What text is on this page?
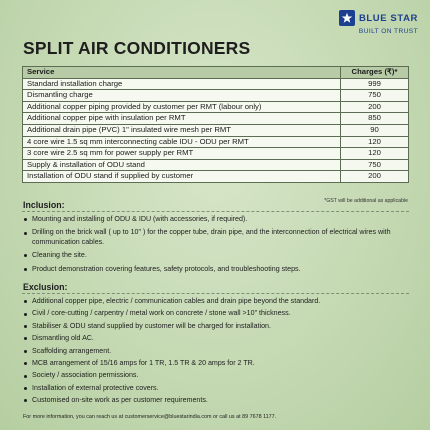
BLUE STAR
BUILT ON TRUST
SPLIT AIR CONDITIONERS
Service	Charges (₹)*
Standard installation charge	999
Dismantling charge	750
Additional copper piping provided by customer per RMT (labour only)	200
Additional copper pipe with insulation per RMT	850
Additional drain pipe (PVC) 1" insulated wire mesh per RMT	90
4 core wire 1.5 sq mm interconnecting cable IDU - ODU per RMT	120
3 core wire 2.5 sq mm for power supply per RMT	120
Supply & installation of ODU stand	750
Installation of ODU stand if supplied by customer	200
*GST will be additional as applicable
Inclusion:
Mounting and installing of ODU & IDU (with accessories, if required).
Drilling on the brick wall ( up to 10" ) for the copper tube, drain pipe, and the interconnection of electrical wires with communication cables.
Cleaning the site.
Product demonstration covering features, safety protocols, and troubleshooting steps.
Exclusion:
Additional copper pipe, electric / communication cables and drain pipe beyond the standard.
Civil / core-cutting / carpentry / metal work on concrete / stone wall >10" thickness.
Stabiliser & ODU stand supplied by customer will be charged for installation.
Dismantling old AC.
Scaffolding arrangement.
MCB arrangement of 15/16 amps for 1 TR, 1.5 TR & 20 amps for 2 TR.
Society / association permissions.
Installation of external protective covers.
Customised on-site work as per customer requirements.
For more information, you can reach us at customerservice@bluestarindia.com or call us at 89 7678 1177.
